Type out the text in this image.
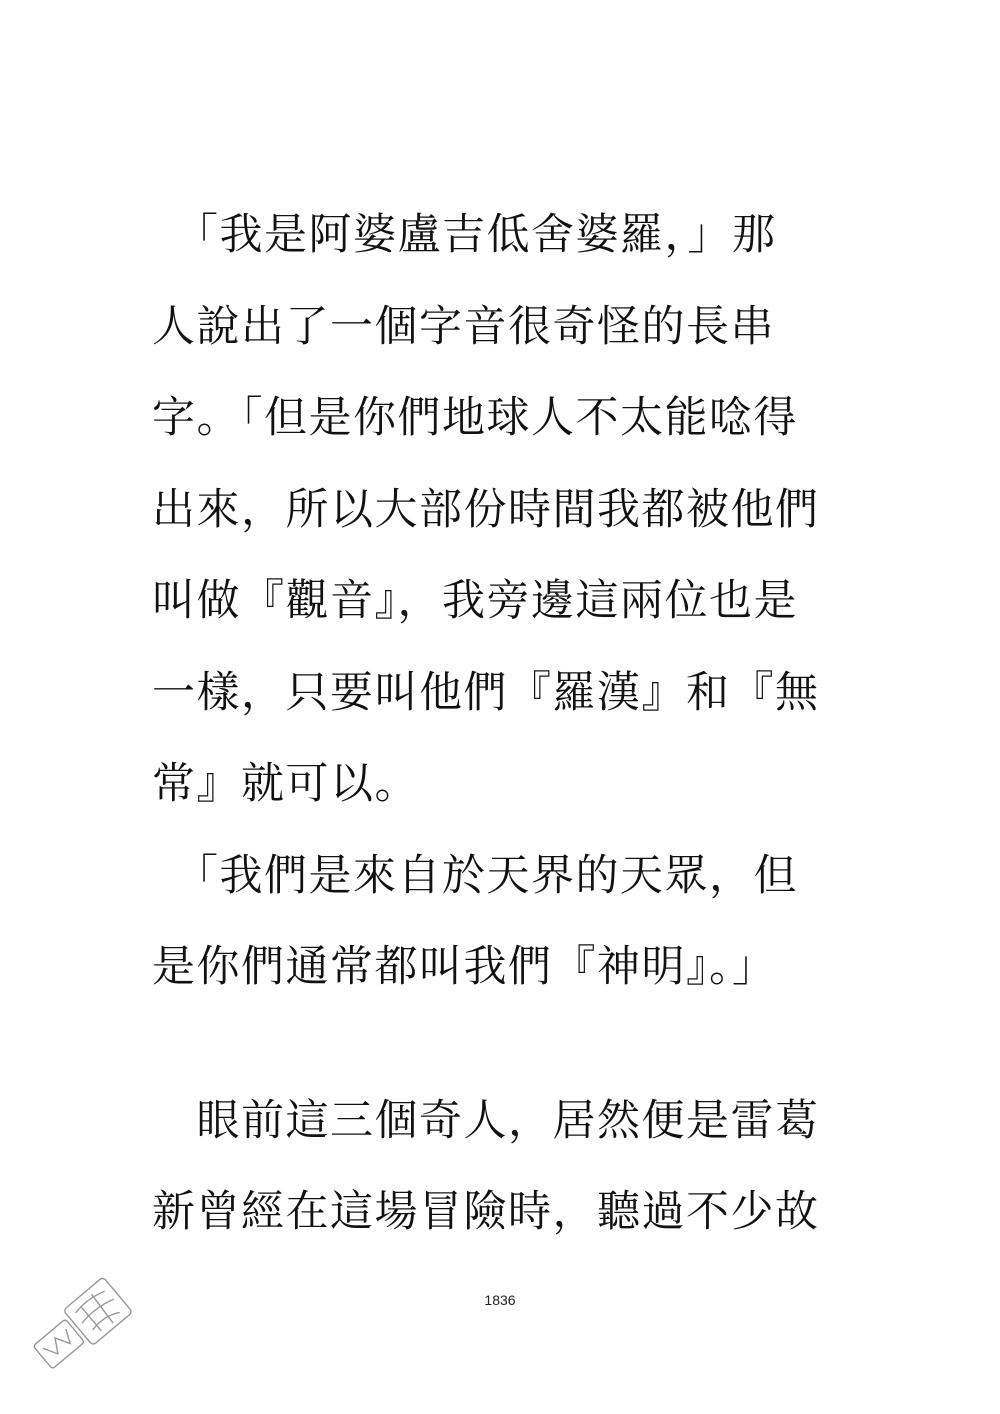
　「我是阿婆盧吉低舍婆羅，」那
人說出了一個字音很奇怪的長串
字。「但是你們地球人不太能唸得
出來，所以大部份時間我都被他們
叫做『觀音』，我旁邊這兩位也是
一樣，只要叫他們『羅漢』和『無
常』就可以。
　「我們是來自於天界的天眾，但
是你們通常都叫我們『神明』。」
　眼前這三個奇人，居然便是雷葛
新曾經在這場冒險時，聽過不少故
1836
